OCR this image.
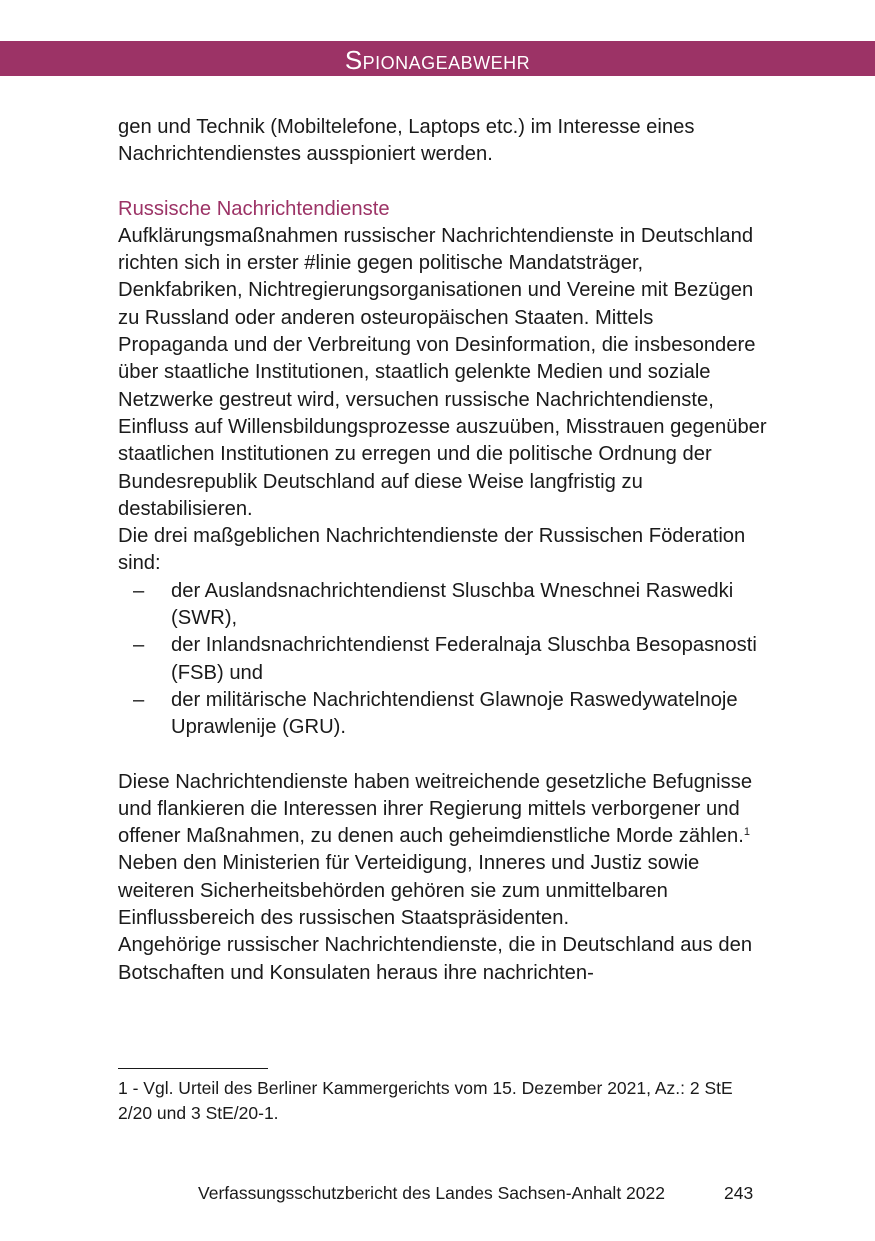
Spionageabwehr

gen und Technik (Mobiltelefone, Laptops etc.) im Interesse eines Nachrichtendienstes ausspioniert werden.

Russische Nachrichtendienste

Aufklärungsmaßnahmen russischer Nachrichtendienste in Deutschland richten sich in erster #linie gegen politische Mandatsträger, Denkfabriken, Nichtregierungsorganisationen und Vereine mit Bezügen zu Russland oder anderen osteuropäischen Staaten. Mittels Propaganda und der Verbreitung von Desinformation, die insbesondere über staatliche Institutionen, staatlich gelenkte Medien und soziale Netzwerke gestreut wird, versuchen russische Nachrichtendienste, Einfluss auf Willensbildungsprozesse auszuüben, Misstrauen gegenüber staatlichen Institutionen zu erregen und die politische Ordnung der Bundesrepublik Deutschland auf diese Weise langfristig zu destabilisieren.

Die drei maßgeblichen Nachrichtendienste der Russischen Föderation sind:

– der Auslandsnachrichtendienst Sluschba Wneschnei Raswedki (SWR),
– der Inlandsnachrichtendienst Federalnaja Sluschba Besopasnosti (FSB) und
– der militärische Nachrichtendienst Glawnoje Raswedywatelnoje Uprawlenije (GRU).

Diese Nachrichtendienste haben weitreichende gesetzliche Befugnisse und flankieren die Interessen ihrer Regierung mittels verborgener und offener Maßnahmen, zu denen auch geheimdienstliche Morde zählen.$^1$ Neben den Ministerien für Verteidigung, Inneres und Justiz sowie weiteren Sicherheitsbehörden gehören sie zum unmittelbaren Einflussbereich des russischen Staatspräsidenten.

Angehörige russischer Nachrichtendienste, die in Deutschland aus den Botschaften und Konsulaten heraus ihre nachrichten-

1 - Vgl. Urteil des Berliner Kammergerichts vom 15. Dezember 2021, Az.: 2 StE 2/20 und 3 StE/20-1.
Verfassungsschutzbericht des Landes Sachsen-Anhalt 2022	243
